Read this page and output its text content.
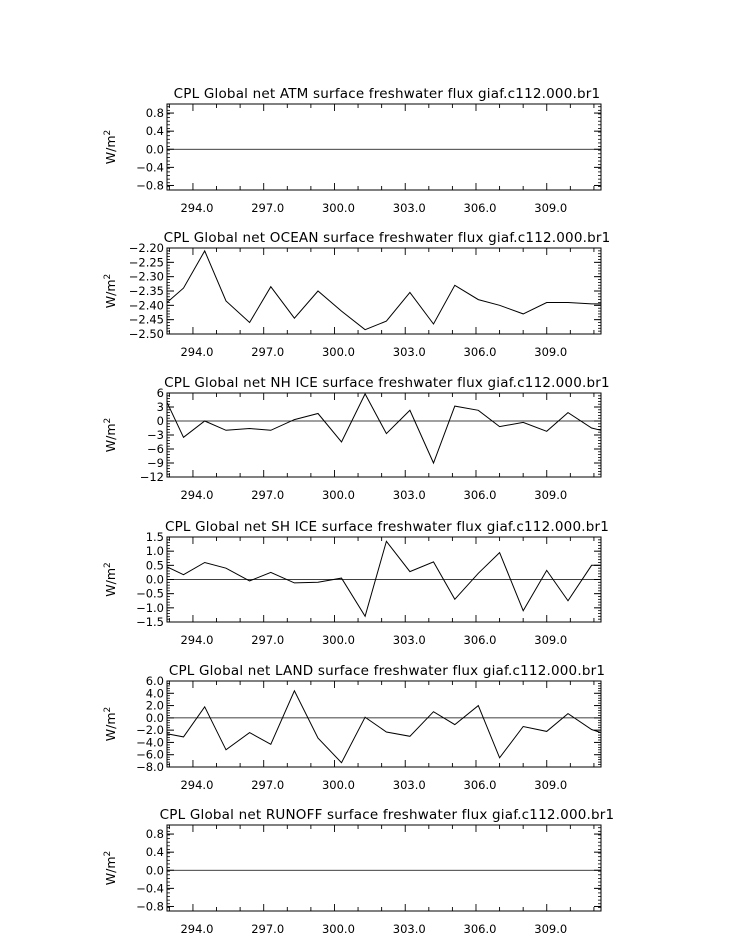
CPL Global net ATM surface freshwater flux giaf.c112.000.br1
0.8
0.4
0.0
−0.4
−0.8
294.0	297.0	300.0	303.0	306.0	309.0
$W/m^2$
CPL Global net OCEAN surface freshwater flux giaf.c112.000.br1
−2.20
−2.25
−2.30
−2.35
−2.40
−2.45
−2.50
294.0	297.0	300.0	303.0	306.0	309.0
$W/m^2$
CPL Global net NH ICE surface freshwater flux giaf.c112.000.br1
6
3
0
−3
−6
−9
−12
294.0	297.0	300.0	303.0	306.0	309.0
$W/m^2$
CPL Global net SH ICE surface freshwater flux giaf.c112.000.br1
1.5
1.0
0.5
0.0
−0.5
−1.0
−1.5
294.0	297.0	300.0	303.0	306.0	309.0
$W/m^2$
CPL Global net LAND surface freshwater flux giaf.c112.000.br1
6.0
4.0
2.0
0.0
−2.0
−4.0
−6.0
−8.0
294.0	297.0	300.0	303.0	306.0	309.0
$W/m^2$
CPL Global net RUNOFF surface freshwater flux giaf.c112.000.br1
0.8
0.4
0.0
−0.4
−0.8
294.0	297.0	300.0	303.0	306.0	309.0
$W/m^2$
